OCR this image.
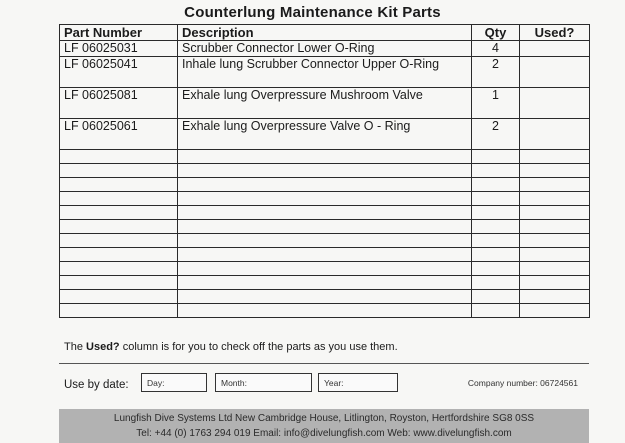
Counterlung Maintenance Kit Parts
Part Number	Description	Qty	Used?
LF 06025031	Scrubber Connector Lower O-Ring	4	
LF 06025041	Inhale lung Scrubber Connector Upper O-Ring	2	
LF 06025081	Exhale lung Overpressure Mushroom Valve	1	
LF 06025061	Exhale lung Overpressure Valve O - Ring	2	

The Used? column is for you to check off the parts as you use them.
Use by date:	Day:	Month:	Year:	Company number: 06724561
Lungfish Dive Systems Ltd New Cambridge House, Litlington, Royston, Hertfordshire SG8 0SS
Tel: +44 (0) 1763 294 019 Email: info@divelungfish.com Web: www.divelungfish.com
